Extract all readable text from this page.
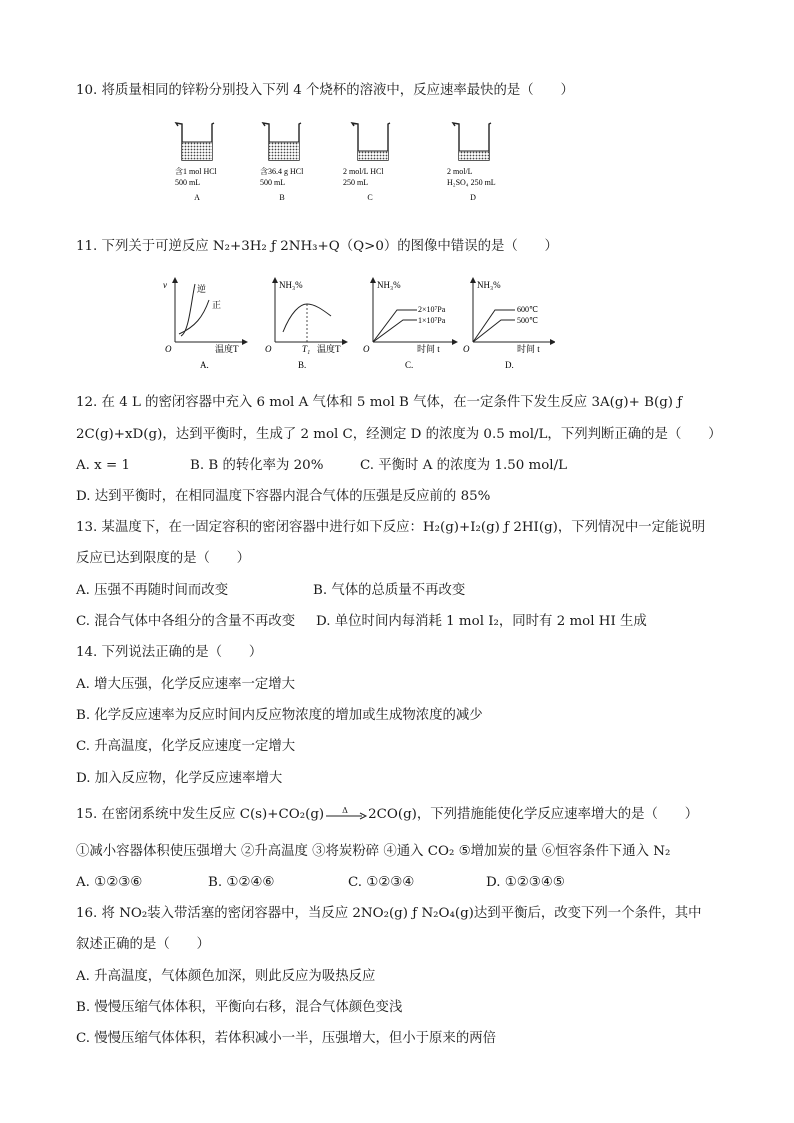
10. 将质量相同的锌粉分别投入下列 4 个烧杯的溶液中，反应速率最快的是（　　）
含1 mol HCl
500 mL
A
含36.4 g HCl
500 mL
B
2 mol/L HCl
250 mL
C
2 mol/L
H₂SO₄ 250 mL
D
11. 下列关于可逆反应 N₂+3H₂ ƒ 2NH₃+Q（Q>0）的图像中错误的是（　　）
v
O
逆
正
温度T
A.
NH₃%
O	T₁ 温度T
B.
NH₃%
O
2×10⁷Pa
1×10⁷Pa
时间 t
C.
NH₃%
O
600℃
500℃
时间 t
D.
12. 在 4 L 的密闭容器中充入 6 mol A 气体和 5 mol B 气体，在一定条件下发生反应 3A(g)+ B(g) ƒ
2C(g)+xD(g)，达到平衡时，生成了 2 mol C，经测定 D 的浓度为 0.5 mol/L，下列判断正确的是（　　）
A. x = 1	B. B 的转化率为 20%	C. 平衡时 A 的浓度为 1.50 mol/L
D. 达到平衡时，在相同温度下容器内混合气体的压强是反应前的 85%
13. 某温度下，在一固定容积的密闭容器中进行如下反应：H₂(g)+I₂(g) ƒ 2HI(g)，下列情况中一定能说明
反应已达到限度的是（　　）
A. 压强不再随时间而改变	B. 气体的总质量不再改变
C. 混合气体中各组分的含量不再改变 D. 单位时间内每消耗 1 mol I₂，同时有 2 mol HI 生成
14. 下列说法正确的是（　　）
A. 增大压强，化学反应速率一定增大
B. 化学反应速率为反应时间内反应物浓度的增加或生成物浓度的减少
C. 升高温度，化学反应速度一定增大
D. 加入反应物，化学反应速率增大
15. 在密闭系统中发生反应 C(s)+CO₂(g) Δ 2CO(g)，下列措施能使化学反应速率增大的是（　　）
①减小容器体积使压强增大 ②升高温度 ③将炭粉碎 ④通入 CO₂ ⑤增加炭的量 ⑥恒容条件下通入 N₂
A. ①②③⑥	B. ①②④⑥	C. ①②③④	D. ①②③④⑤
16. 将 NO₂装入带活塞的密闭容器中，当反应 2NO₂(g) ƒ N₂O₄(g)达到平衡后，改变下列一个条件，其中
叙述正确的是（　　）
A. 升高温度，气体颜色加深，则此反应为吸热反应
B. 慢慢压缩气体体积，平衡向右移，混合气体颜色变浅
C. 慢慢压缩气体体积，若体积减小一半，压强增大，但小于原来的两倍
